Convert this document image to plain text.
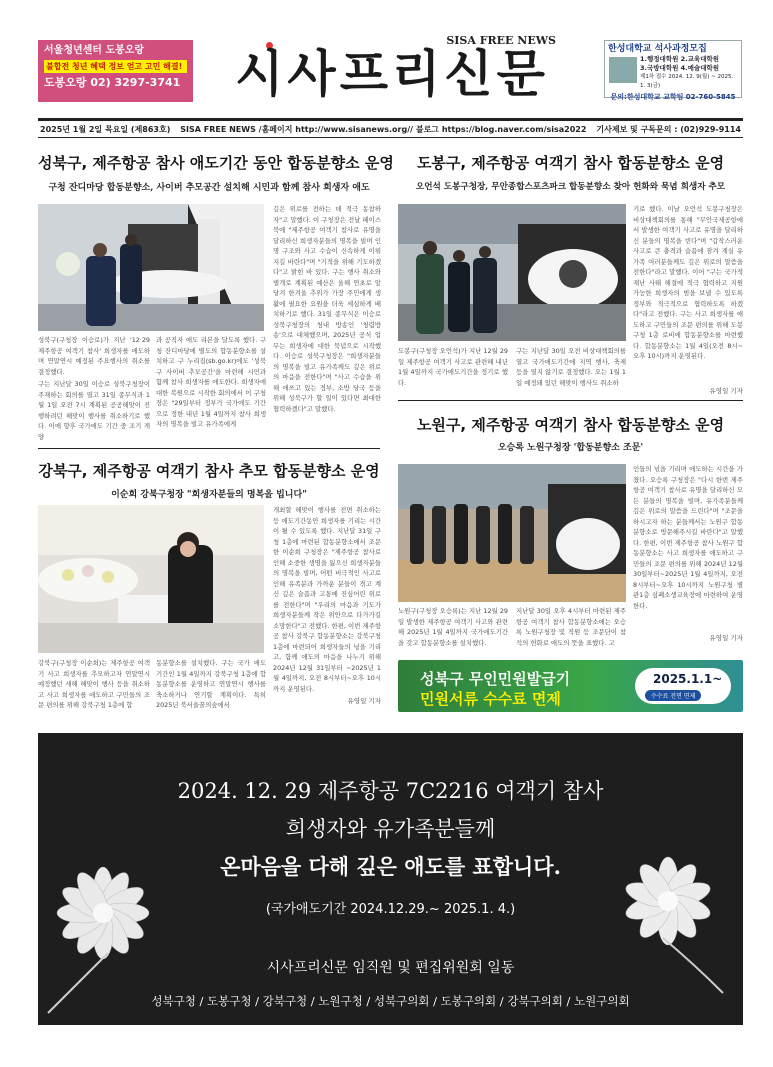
서울청년센터 도봉오랑
불합전 청년 혜택 정보 얻고 고민 해결!
도봉오랑 02) 3297-3741
SISA FREE NEWS
시사프리신문	한성대학교 석사과정모집
1.행정대학원 2.교육대학원
3.국방대학원 4.예술대학원
제1차 접수 2024. 12. 9(월) ~ 2025. 1. 3(금)
문의:한성대학교 교학팀 02-760-5845
2025년 1월 2일 목요일 (제863호) SISA FREE NEWS /홈페이지 http://www.sisanews.org// 블로그 https://blog.naver.com/sisa2022 기사제보 및 구독문의 : (02)929-9114
성북구, 제주항공 참사 애도기간 동안 합동분향소 운영
구청 잔디마당 합동분향소, 사이버 추모공간 설치해 시민과 함께 참사 희생자 애도

성북구(구청장 이승로)가 지난 '12·29 제주항공 여객기 참사' 희생자를 애도하며 연말연시 예정된 주요행사의 취소를 결정했다.

구는 지난달 30일 이승로 성북구청장이 주재하는 회의를 열고 31일 종무식과 1월 1일 오전 7시 계획된 공공해맞이 진행하려던 해맞이 행사를 취소하기로 했다. 이에 향후 국가애도 기간 중 조기 게양

과 공직자 애도 리본을 달도록 했다. 구청 잔디마당에 별도의 합동분향소를 설치하고 구 누리집(sb.go.kr)에도 '성북구 사이버 추모공간'을 마련해 시민과 함께 참사 희생자를 애도한다. 희생자에 대한 복원으로 시작한 회의에서 이 구청장은 "29일부터 정부가 국가애도 기간으로 정한 내년 1월 4일까지 참사 희생자의 명복을 빌고 유가족에게
깊은 위로를 전하는 데 적극 동참하자"고 말했다. 이 구청장은 전날 페이스북에 "제주항공 여객기 참사로 유명을 달리하신 희생자분들의 명복을 빌며 인명 구조와 사고 수습이 신속하게 이뤄지길 바란다"며 "기적을 위해 기도하겠다"고 밝힌 바 있다. 구는 행사 취소와 별개로 계획된 예산은 올해 연초로 앞당겨 한겨울 추위가 가장 주민에게 생활에 필요한 요원을 더욱 세심하게 배치하기로 했다. 31일 종무식은 이승로 성북구청장의 청내 방송인 '청렴방송'으로 대체했으며, 2025년 공식 업무는 희생자에 대한 묵념으로 시작했다. 이승로 성북구청장은 "희생자분들의 명복을 빌고 유가족께도 깊은 위로의 마음을 전한다"며 "사고 수습을 위해 애쓰고 있는 정부, 소방 당국 등을 위해 성북구가 할 일이 있다면 최대한 협력하겠다"고 말했다.
도봉구, 제주항공 여객기 참사 합동분향소 운영
오언석 도봉구청장, 무안종합스포츠파크 합동분향소 찾아 헌화와 묵념 희생자 추모
도봉구(구청장 오언석)가 지난 12월 29일 제주항공 여객기 사고로 관련해 내년 1월 4일까지 국가애도기간을 정기로 했다.
구는 지난달 30일 오전 비상대책회의를 열고 국가애도기간에 지역 행사, 축제 등을 열지 않기로 결정했다. 오는 1월 1일 예정돼 있던 해맞이 행사도 취소하
기로 했다. 이날 오언석 도봉구청장은 비상대책회의를 통해 "무안국제공항에서 발생한 여객기 사고로 유명을 달리하신 분들의 명복을 빈다"며 "갑작스러운 사고로 큰 충격과 슬픔에 잠겨 계실 유가족 여러분들께도 깊은 위로의 말씀을 전한다"라고 말했다. 이어 "구는 국가적 재난 사태 해결에 적극 협력하고 지원 가능한 희생자의 범을 보낼 수 있도록 정부와 적극적으로 협력하도록 하겠다"라고 전했다. 구는 사고 희생자를 애도하고 구민들의 조문 편의를 위해 도봉구청 1층 로비에 합동분향소를 마련했다. 합동분향소는 1월 4일(오전 8시~오후 10시)까지 운영된다.
유영일 기자
강북구, 제주항공 여객기 참사 추모 합동분향소 운영
이순희 강북구청장 "희생자분들의 명복을 빕니다"
강북구(구청장 이순희)는 제주항공 여객기 사고 희생자를 추모하고자 연말연시 예정했던 새해 해맞이 행사 등을 취소하고 사고 희생자를 애도하고 구민들의 조문 편의를 위해 강북구청 1층에 합
동분향소를 설치했다. 구는 국가 애도 기간인 1월 4일까지 강북구청 1층에 합동분향소를 운영하고 연말연시 행사를 축소하거나 연기할 계획이다. 특히 2025년 북서울꿈의숲에서
개최할 해맞이 행사를 전면 취소하는 등 애도기간동안 희생자를 기리는 시간이 될 수 있도록 했다. 지난달 31일 구청 1층에 마련된 합동분향소에서 조문한 이순희 구청장은 "제주항공 참사로 인해 소중한 생명을 잃으신 희생자분들의 명복을 빌며, 어떤 비극적인 사고로 인해 유족분과 가까운 분들이 겪고 계신 깊은 슬픔과 고통에 진심어린 위로를 전한다"며 "우리의 마음과 기도가 희생자분들께 작은 위안으로 다가가길 소망한다"고 전했다. 한편, 이번 제주항공 참사 강북구 합동분향소는 강북구청 1층에 마련되어 희생자들의 넋을 기리고, 함께 애도의 마음을 나누기 위해 2024년 12월 31일부터 ~2025년 1월 4일까지, 오전 8시부터~오후 10시까지 운영된다.
유영일 기자
노원구, 제주항공 여객기 참사 합동분향소 운영
오승록 노원구청장 '합동분향소 조문'
노원구(구청장 오승록)는 지난 12월 29일 발생한 제주항공 여객기 사고와 관련해 2025년 1월 4일까지 국가애도기간을 갖고 합동분향소를 설치했다.
지난달 30일 오후 4시부터 마련된 제주항공 여객기 참사 합동분향소에는 오승록 노원구청장 및 직원 등 조문단이 참석의 헌화로 애도의 뜻을 표했다. 고
인들의 넋을 기리며 애도하는 시간을 가졌다. 오승록 구청장은 "다시 한번 제주항공 여객기 참사로 유명을 달리하신 모든 분들의 명복을 빌며, 유가족분들께 깊은 위로의 말씀을 드린다"며 "조문을 하시고자 하는 분들께서는 노원구 합동분향소로 방문해주시길 바란다"고 말했다. 한편, 이번 제주항공 참사 노원구 합동분향소는 사고 희생자를 애도하고 구민들의 조문 편의를 위해 2024년 12월 30일부터~2025년 1월 4일까지, 오전 8시부터~오후 10시까지 노원구청 별관1층 심폐소생교육장에 마련하여 운영한다.
유영일 기자
성북구 무인민원발급기
민원서류 수수료 면제
2025.1.1~
수수료 전면 면제
2024. 12. 29 제주항공 7C2216 여객기 참사
희생자와 유가족분들께
온마음을 다해 깊은 애도를 표합니다.
(국가애도기간 2024.12.29.~ 2025.1. 4.)
시사프리신문 임직원 및 편집위원회 일동
성북구청 / 도봉구청 / 강북구청 / 노원구청 / 성북구의회 / 도봉구의회 / 강북구의회 / 노원구의회
